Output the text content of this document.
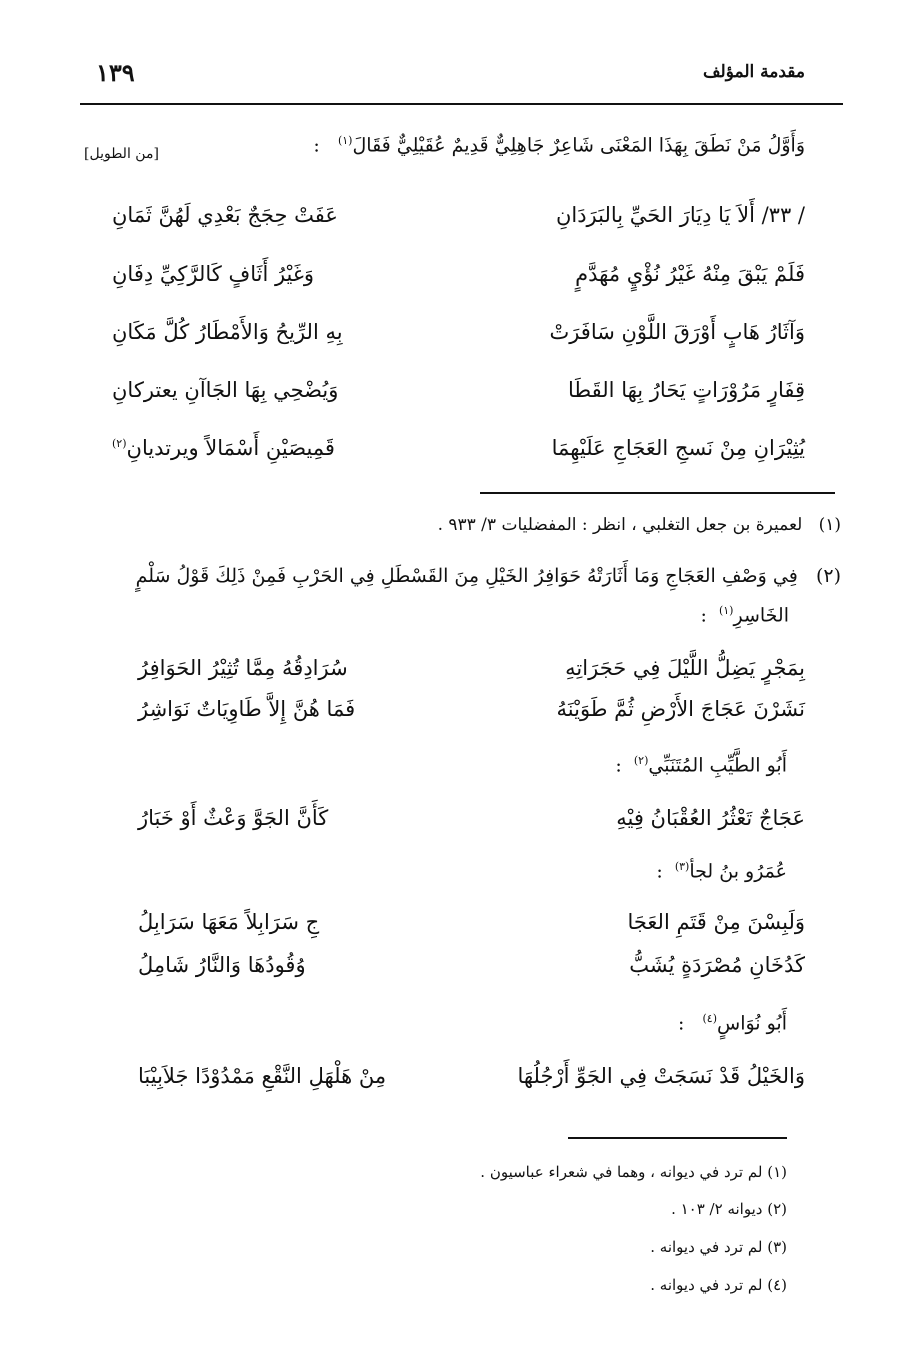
مقدمة المؤلف
١٣٩
وَأَوَّلُ مَنْ نَطَقَ بِهَذَا المَعْنَى شَاعِرٌ جَاهِلِيٌّ قَدِيمٌ عُقَيْلِيٌّ فَقَالَ$^{(١)}$   :
[من الطويل]
/ ٣٣/ أَلاَ يَا دِيَارَ الحَيِّ بِالبَرَدَانِ
عَفَتْ حِجَجٌ بَعْدِي لَهُنَّ ثَمَانِ
فَلَمْ يَبْقَ مِنْهُ غَيْرُ نُؤْيٍ مُهَدَّمٍ
وَغَيْرُ أَثَافٍ كَالرَّكِيِّ دِفَانِ
وَآثَارُ هَابٍ أَوْرَقَ اللَّوْنِ سَافَرَتْ
بِهِ الرِّيحُ وَالأَمْطَارُ كُلَّ مَكَانِ
قِفَارٍ مَرُوْرَاتٍ يَحَارُ بِهَا القَطَا
وَيُضْحِي بِهَا الجَاآنِ يعتركانِ
يُثِيْرَانِ مِنْ نَسجِ العَجَاجِ عَلَيْهِمَا
قَمِيصَيْنِ أَسْمَالاً ويرتديانِ$^{(٢)}$
(١)   لعميرة بن جعل التغلبي ، انظر : المفضليات ٣/ ٩٣٣ .
(٢)   فِي وَصْفِ العَجَاجِ وَمَا أَثَارَتْهُ حَوَافِرُ الخَيْلِ مِنَ القَسْطَلِ فِي الحَرْبِ فَمِنْ ذَلِكَ قَوْلُ سَلْمٍ
الخَاسِرِ$^{(١)}$  :
بِمَجْرٍ يَضِلُّ اللَّيْلَ فِي حَجَرَاتِهِ
سُرَادِقُهُ مِمَّا تُثِيْرُ الحَوَافِرُ
نَشَرْنَ عَجَاجَ الأَرْضِ ثُمَّ طَوَيْنَهُ
فَمَا هُنَّ إِلاَّ طَاوِيَاتٌ نَوَاشِرُ
أَبُو الطَّيِّبِ المُتَنَبِّي$^{(٢)}$  :
عَجَاجٌ تَعْثُرُ العُقْبَانُ فِيْهِ
كَأَنَّ الجَوَّ وَعْثٌ أَوْ خَبَارُ
عُمَرُو بنُ لجأ$^{(٣)}$  :
وَلَبِسْنَ مِنْ قَتَمِ العَجَا
جِ سَرَابِلاً مَعَهَا سَرَابِلُ
كَدُخَانِ مُصْرَدَةٍ يُشَبُّ
وُقُودُهَا وَالنَّارُ شَامِلُ
أَبُو نُوَاسٍ$^{(٤)}$   :
وَالخَيْلُ قَدْ نَسَجَتْ فِي الجَوِّ أَرْجُلُهَا
مِنْ هَلْهَلِ النَّقْعِ مَمْدُوْدًا جَلاَبِيْبَا
(١) لم ترد في ديوانه ، وهما في شعراء عباسيون .
(٢) ديوانه ٢/ ١٠٣ .
(٣) لم ترد في ديوانه .
(٤) لم ترد في ديوانه .
